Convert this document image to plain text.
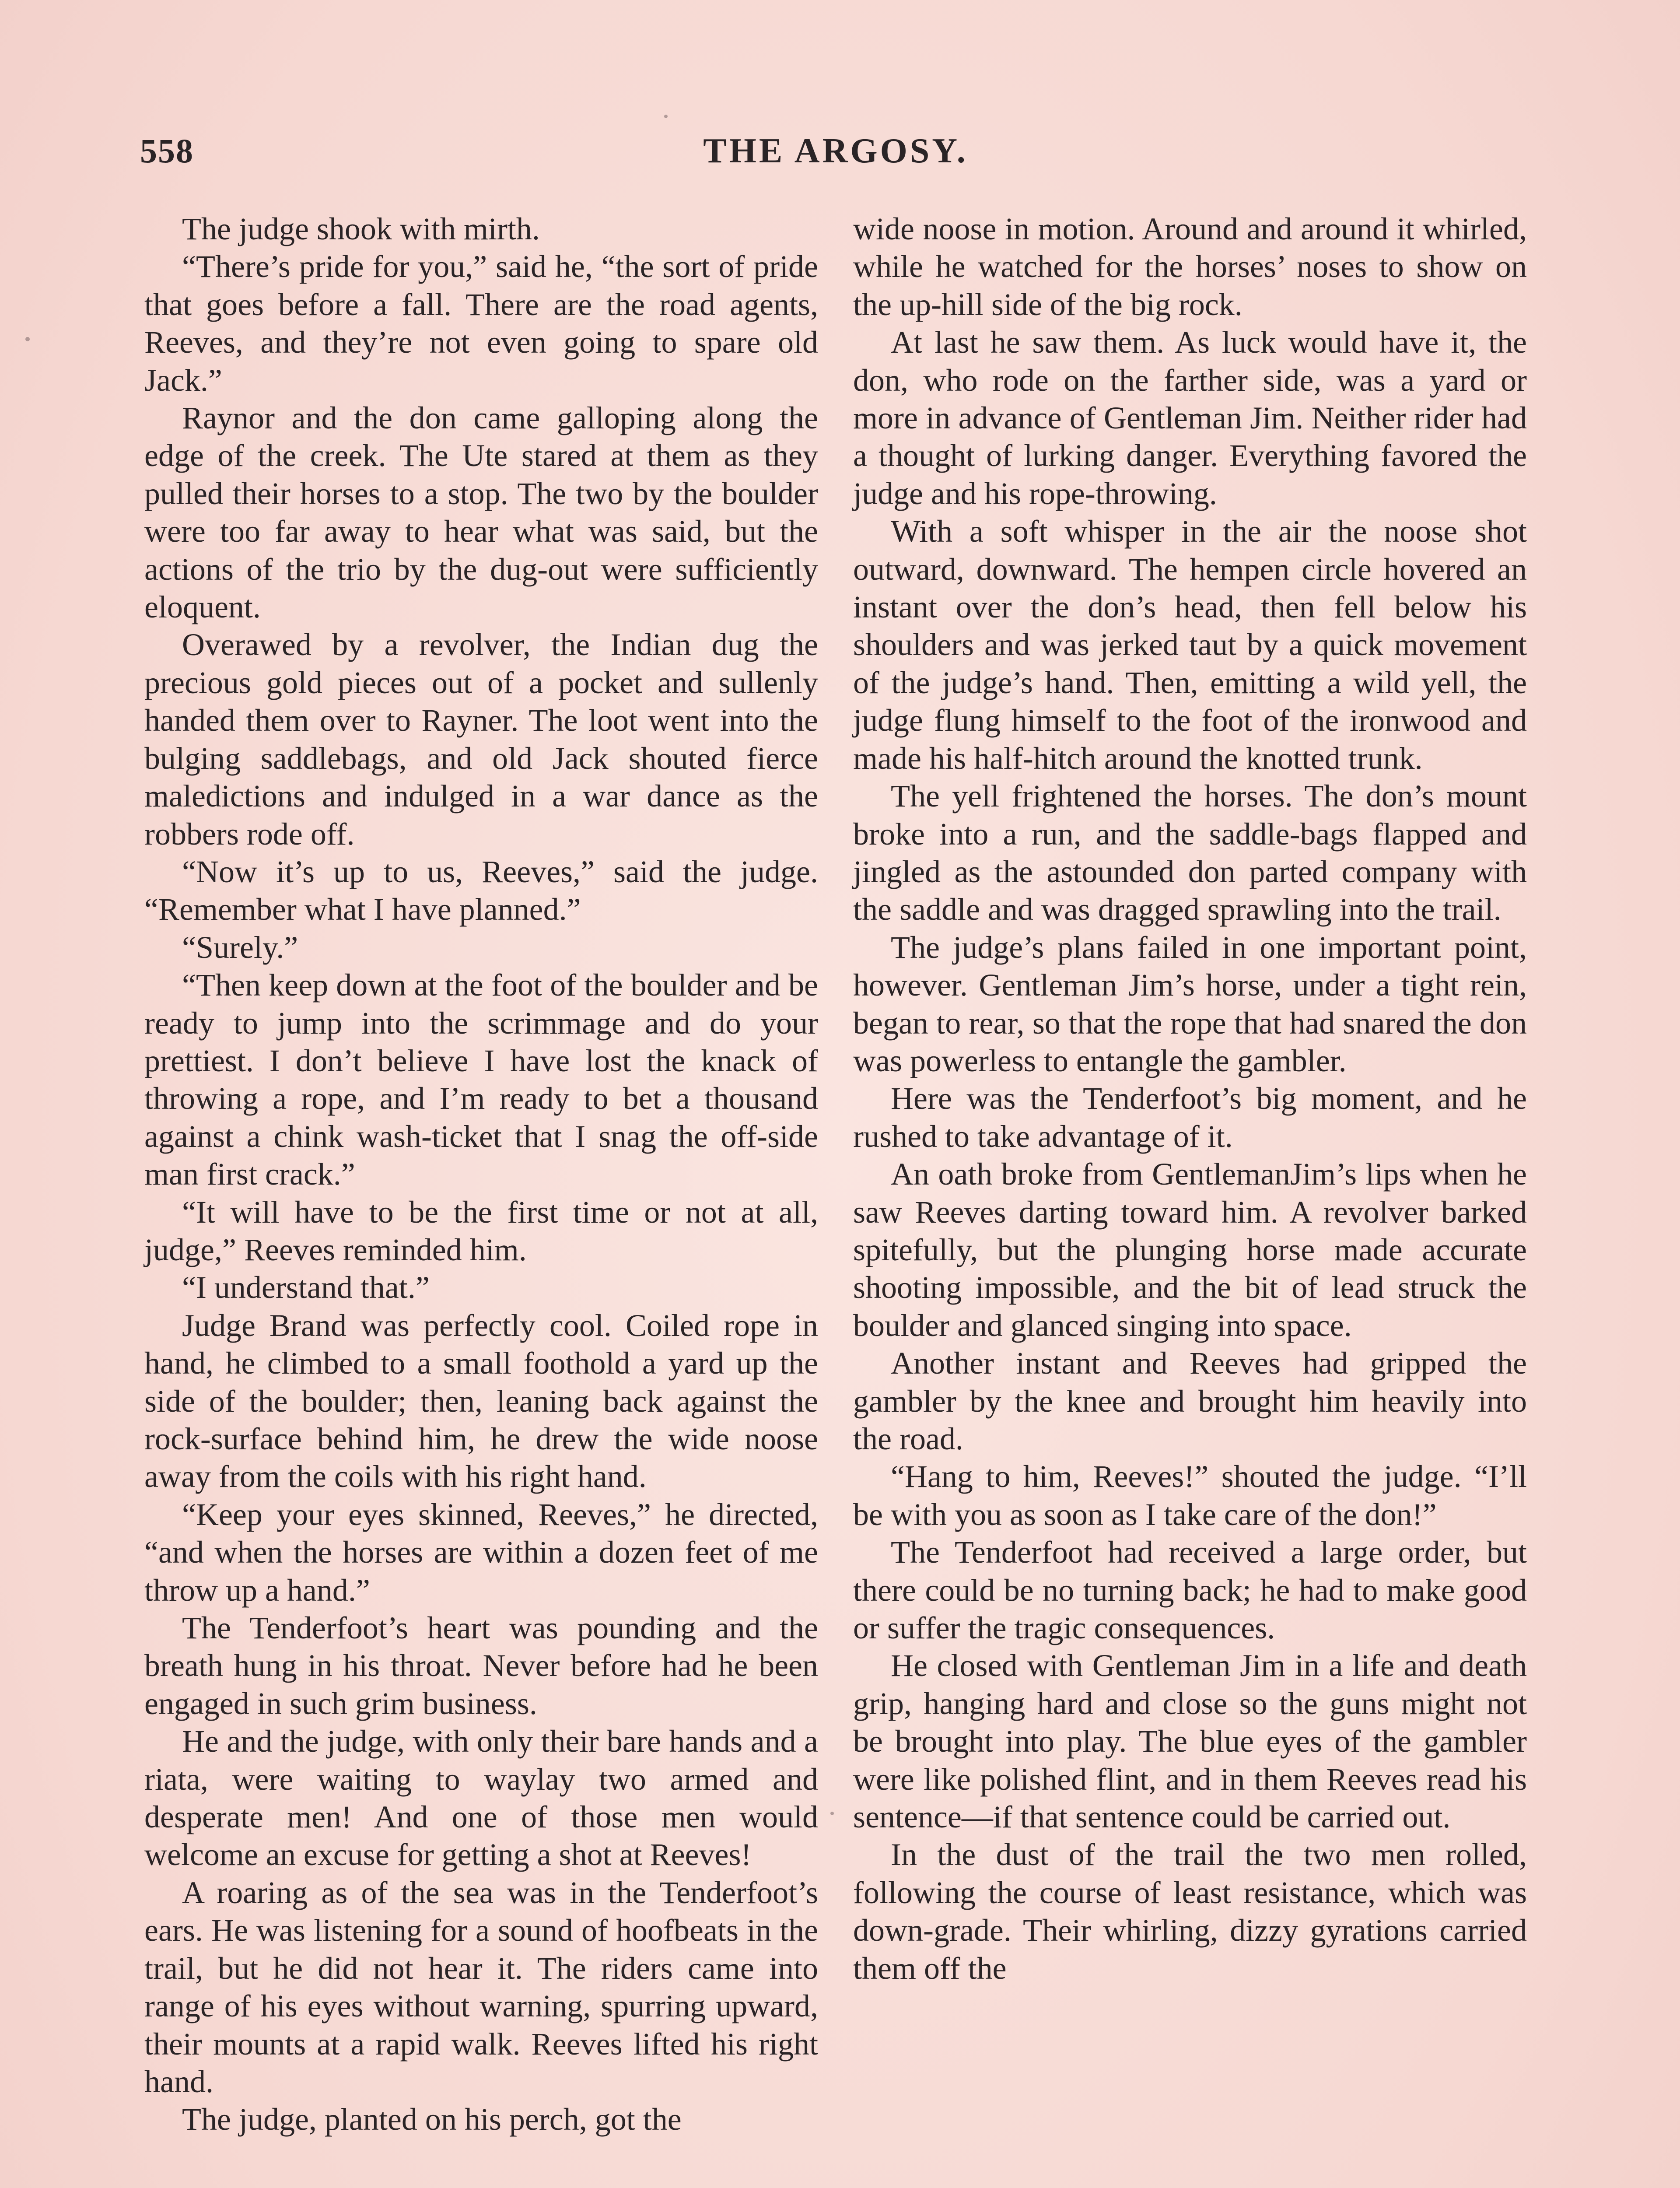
558	THE ARGOSY.

The judge shook with mirth.

“There’s pride for you,” said he, “the sort of pride that goes before a fall. There are the road agents, Reeves, and they’re not even going to spare old Jack.”

Raynor and the don came galloping along the edge of the creek. The Ute stared at them as they pulled their horses to a stop. The two by the boulder were too far away to hear what was said, but the actions of the trio by the dug-out were sufficiently eloquent.

Overawed by a revolver, the Indian dug the precious gold pieces out of a pocket and sullenly handed them over to Rayner. The loot went into the bulging saddlebags, and old Jack shouted fierce maledictions and indulged in a war dance as the robbers rode off.

“Now it’s up to us, Reeves,” said the judge. “Remember what I have planned.”

“Surely.”

“Then keep down at the foot of the boulder and be ready to jump into the scrimmage and do your prettiest. I don’t believe I have lost the knack of throwing a rope, and I’m ready to bet a thousand against a chink wash-ticket that I snag the off-side man first crack.”

“It will have to be the first time or not at all, judge,” Reeves reminded him.

“I understand that.”

Judge Brand was perfectly cool. Coiled rope in hand, he climbed to a small foothold a yard up the side of the boulder; then, leaning back against the rock-surface behind him, he drew the wide noose away from the coils with his right hand.

“Keep your eyes skinned, Reeves,” he directed, “and when the horses are within a dozen feet of me throw up a hand.”

The Tenderfoot’s heart was pounding and the breath hung in his throat. Never before had he been engaged in such grim business.

He and the judge, with only their bare hands and a riata, were waiting to waylay two armed and desperate men! And one of those men would welcome an excuse for getting a shot at Reeves!

A roaring as of the sea was in the Tenderfoot’s ears. He was listening for a sound of hoofbeats in the trail, but he did not hear it. The riders came into range of his eyes without warning, spurring upward, their mounts at a rapid walk. Reeves lifted his right hand.

The judge, planted on his perch, got the

wide noose in motion. Around and around it whirled, while he watched for the horses’ noses to show on the up-hill side of the big rock.

At last he saw them. As luck would have it, the don, who rode on the farther side, was a yard or more in advance of Gentleman Jim. Neither rider had a thought of lurking danger. Everything favored the judge and his rope-throwing.

With a soft whisper in the air the noose shot outward, downward. The hempen circle hovered an instant over the don’s head, then fell below his shoulders and was jerked taut by a quick movement of the judge’s hand. Then, emitting a wild yell, the judge flung himself to the foot of the ironwood and made his half-hitch around the knotted trunk.

The yell frightened the horses. The don’s mount broke into a run, and the saddle-bags flapped and jingled as the astounded don parted company with the saddle and was dragged sprawling into the trail.

The judge’s plans failed in one important point, however. Gentleman Jim’s horse, under a tight rein, began to rear, so that the rope that had snared the don was powerless to entangle the gambler.

Here was the Tenderfoot’s big moment, and he rushed to take advantage of it.

An oath broke from GentlemanJim’s lips when he saw Reeves darting toward him. A revolver barked spitefully, but the plunging horse made accurate shooting impossible, and the bit of lead struck the boulder and glanced singing into space.

Another instant and Reeves had gripped the gambler by the knee and brought him heavily into the road.

“Hang to him, Reeves!” shouted the judge. “I’ll be with you as soon as I take care of the don!”

The Tenderfoot had received a large order, but there could be no turning back; he had to make good or suffer the tragic consequences.

He closed with Gentleman Jim in a life and death grip, hanging hard and close so the guns might not be brought into play. The blue eyes of the gambler were like polished flint, and in them Reeves read his sentence—if that sentence could be carried out.

In the dust of the trail the two men rolled, following the course of least resistance, which was down-grade. Their whirling, dizzy gyrations carried them off the
